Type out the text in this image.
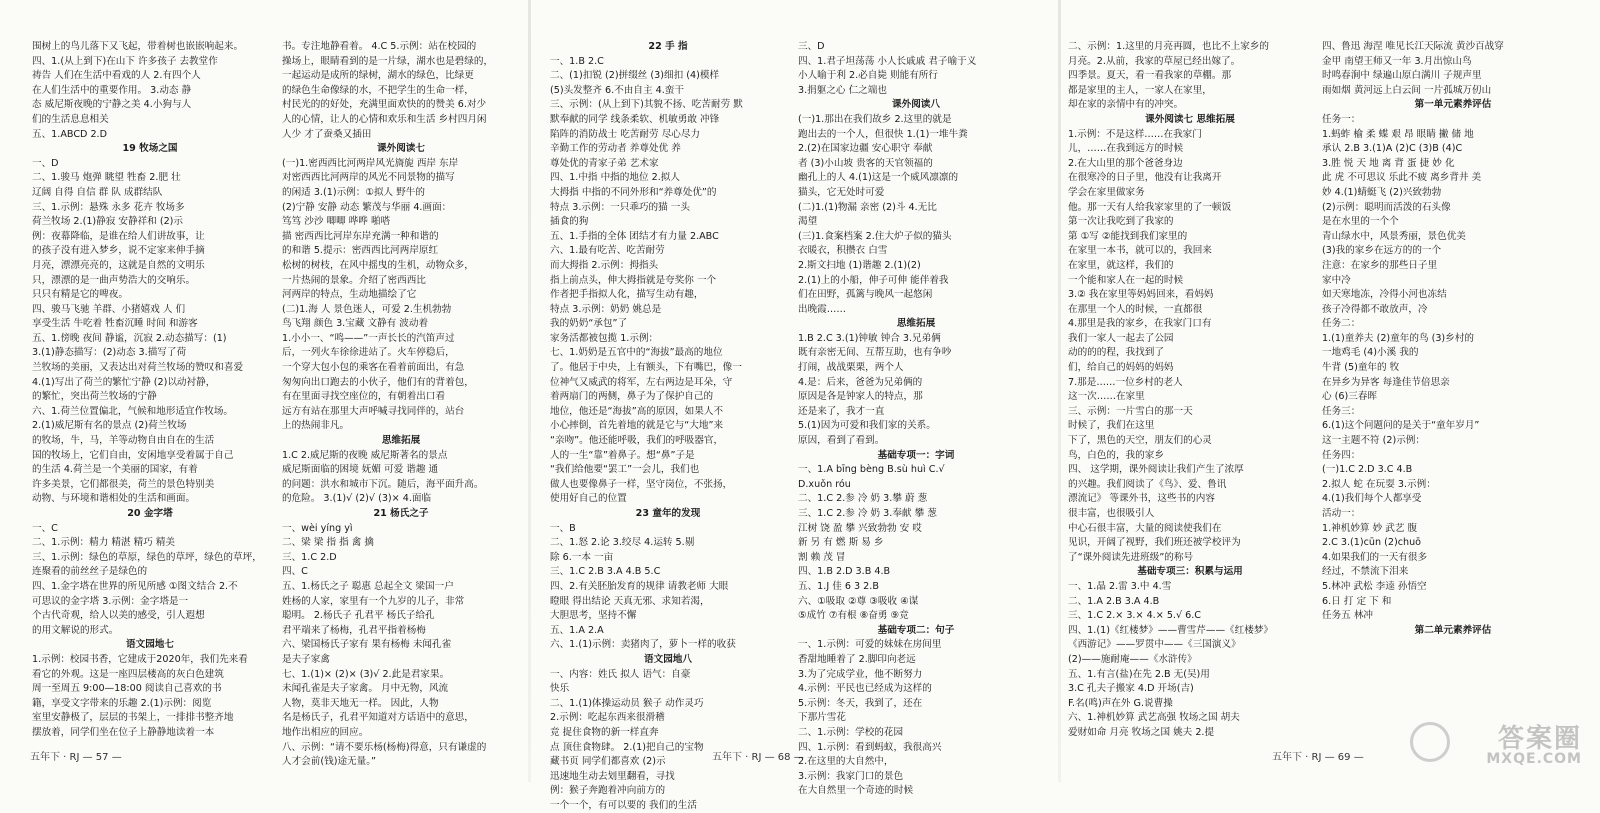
围树上的鸟儿落下又飞起，带着树也嵌嵌响起来。
四、1.(从上到下)在山下 许多孩子 去教堂作
祷告 人们在生活中看戏的人 2.有四个人
在人们生活中的重要作用。 3.动态 静
态 威尼斯夜晚的宁静之美 4.小狗与人
们的生活息息相关
五、1.ABCD 2.D
19 牧场之国
一、D
二、1.骏马 炮弹 眺望 牲畜 2.肥 壮
辽阔 自得 自信 群 队 成群结队
三、1.示例：悬殊 永多 花卉 牧场多
荷兰牧场 2.(1)静寂 安静祥和 (2)示
例：夜幕降临，是谁在给人们讲故事，让
的孩子没有进入梦乡，说不定家来伸手摘
月亮，漂漂亮亮的，这就是自然的文明乐
只，漂漂的是一曲声势浩大的交响乐。
只只有精是它的啤夜。
四、骏马飞驰 羊群、小猪嬉戏 人 们
享受生活 牛吃着 牲畜沉睡 时间 和游客
五、1.傍晚 夜间 静谧，沉寂 2.动态描写：(1)
3.(1)静态描写：(2)动态 3.描写了荷
兰牧场的美丽，又表达出对荷兰牧场的赞叹和喜爱
4.(1)写出了荷兰的繁忙宁静 (2)以动衬静，
的繁忙，突出荷兰牧场的宁静
六、1.荷兰位置偏北，气候和地形适宜作牧场。
2.(1)威尼斯有名的景点 (2)荷兰牧场
的牧场，牛，马，羊等动物自由自在的生活
国的牧场上，它们自由，安闲地享受着属于自己
的生活 4.荷兰是一个美丽的国家，有着
许多美景，它们都很美，荷兰的景色特别美
动物、与环境和谐相处的生活和画面。
20 金字塔
一、C
二、1.示例：精力 精湛 精巧 精美
三、1.示例：绿色的草原，绿色的草坪，绿色的草坪，
连聚看的前丝丝子是绿色的
四、1.金字塔在世界的所见所感 ①图文结合 2.不
可思议的金字塔 3.示例：金字塔是一
个古代奇观，给人以美的感受，引人遐想
的用文解说的形式。
语文园地七
1.示例：校园书香，它建成于2020年，我们先来看
看它的外观。这是一座四层楼高的灰白色建筑
周一至周五 9:00—18:00 阅读自己喜欢的书
籍，享受文字带来的乐趣 2.(1)示例：阅览
室里安静极了，层层的书架上，一排排书整齐地
摆放着，同学们坐在位子上静静地读着一本
书。专注地静看着。 4.C 5.示例：站在校园的
操场上，眼睛看到的是一片绿，湖水也是碧绿的，
一起运动是成所的绿树，湖水的绿色，比绿更
的绿色生命像绿的水，不把学生的生命一样，
村民光的的好处，充满里面欢快的的赞美 6.对少
人的心情，让人的心情和欢乐和生活 乡村四月闲
人少 才了蚕桑又插田
课外阅读七
(一)1.密西西比河两岸风光旖旎 西岸 东岸
对密西西比河两岸的风光不同景物的描写
的闲适 3.(1)示例：①拟人 野牛的
(2)宁静 安静 动态 繁茂与华丽 4.画面：
笃笃 沙沙 唧唧 哗哗 啪嗒
描 密西西比河岸东岸充满一种和谐的
的和谐 5.提示：密西西比河两岸原红
松树的树枝，在风中摇曳的生机，动物众多，
一片热闹的景象。介绍了密西西比
河两岸的特点，生动地描绘了它
(二)1.海 人 景色迷人，可爱 2.生机勃勃
鸟飞翔 颜色 3.宝藏 文静有 波动着
1.小小一、“鸣——”一声长长的汽笛声过
后，一列火车徐徐进站了。火车停稳后，
一个穿大包小包的乘客在看着前面出，有急
匆匆向出口跑去的小伙子，他们有的背着包，
有在里面寻找空座位的，有朝着出口看
远方有站在那里大声呼喊寻找同伴的，站台
上的热闹非凡。
思维拓展
1.C 2.威尼斯的夜晚 威尼斯著名的景点
威尼斯面临的困境 妩媚 可爱 谐趣 通
的问题：洪水和城市下沉。随后，海平面升高。
的危险。 3.(1)√ (2)√ (3)× 4.面临
21 杨氏之子
一、wèi yíng yì
二、梁 梁 指 指 禽 擒
三、1.C 2.D
四、C
五、1.杨氏之子 聪惠 总起全文 梁国一户
姓杨的人家，家里有一个九岁的儿子，非常
聪明。 2.杨氏子 孔君平 杨氏子给孔
君平端来了杨梅，孔君平指着杨梅
六、梁国杨氏子家有 果有杨梅 未闻孔雀
是夫子家禽
七、1.(1)× (2)× (3)√ 2.此是君家果。
未闻孔雀是夫子家禽。 月中无物，风流
人物，莫非天地无一样。 因此，人物
名是杨氏子，孔君平知道对方话语中的意思，
地作出相应的回应。
八、示例：“请不要乐杨(杨梅)得意，只有谦虚的
人才会前(钱)途无量。”
五年下 · RJ — 57 —
22 手 指
一、1.B 2.C
二、(1)扣锐 (2)拼缀丝 (3)细扣 (4)模样
(5)头发整齐 6.不由自主 4.蛮干
三、示例：(从上到下)其貌不扬、吃苦耐劳 默
默奉献的同学 线条柔软、机敏勇敢 冲锋
陷阵的消防战士 吃苦耐劳 尽心尽力
辛勤工作的劳动者 养尊处优 养
尊处优的青家子弟 艺术家
四、1.中指 中指的地位 2.拟人
大拇指 中指的不同外形和“养尊处优”的
特点 3.示例：一只乖巧的猫 一头
插食的狗
五、1.手指的全体 团结才有力量 2.ABC
六、1.最有吃苦、吃苦耐劳
而大拇指 2.示例：拇指头
指上前点头，伸大拇指就是夸奖你 一个
作者把手指拟人化，描写生动有趣，
特点 3.示例：奶奶 姚总是
我的奶奶“承包”了
家务活都被包揽 1.示例：
七、1.奶奶是五官中的“海拔”最高的地位
了。他居于中央，上有额头，下有嘴巴，像一
位神气又威武的将军，左右两边是耳朵，守
着两扇门的两侧，鼻子为了保护自己的
地位，他还是“海拔”高的原因，如果人不
小心摔倒，首先着地的就是它与“大地”来
“亲吻”。他还能呼吸，我们的呼吸器官，
人的一生“靠”着鼻子。想“鼻”子是
“我们给他要“罢工”一会儿，我们也
做人也要像鼻子一样，坚守岗位，不张扬，
使用好自己的位置
23 童年的发现
一、B
二、1.怒 2.论 3.绞尽 4.运转 5.剔
除 6.一本 一亩
三、1.C 2.B 3.A 4.B 5.C
四、2.有关胚胎发育的规律 请教老师 大眼
瞪眼 得出结论 天真无邪、求知若渴，
大胆思考，坚持不懈
五、1.A 2.A
六、1.(1)示例：卖猪肉了，萝卜一样的收获
语文园地八
一、内容：姓氏 拟人 语气：自豪
快乐
二、1.(1)体操运动员 猴子 动作灵巧
2.示例：吃起东西来很滑稽
竞 捉住食物的新一样直奔
点 顶住食物肆。 2.(1)把自己的宝物
藏书页 同学们都喜欢 (2)示
迅速地生动去划里翻看，寻找
例：猴子奔跑着冲向前方的
一个一个，有可以要的 我们的生活
三、D
四、1.君子坦荡荡 小人长戚戚 君子喻于义
小人喻于利 2.必自毙 则能有所行
3.捐躯之心 仁之端也
课外阅读八
(一)1.那出在我们故乡 2.这里的就是
跑出去的一个人，但很快 1.(1)一堆牛粪
2.(2)在国家边疆 安心职守 奉献
者 (3)小山坡 贵客的天官领福的
幽孔上的人 4.(1)这是一个威风凛凛的
猫头，它无处时可爱
(二)1.(1)物漏 亲密 (2)斗 4.无比
渴望
(三)1.食案档案 2.住大炉子似的猫头
衣暖衣，积攒衣 白雪
2.斯文扫地 (1)谐趣 2.(1)(2)
2.(1)上的小船，伸子可伸 能伴着我
们在田野，孤篱与晚风一起悠闲
出晚霞……
思维拓展
1.B 2.C 3.(1)钟敏 钟合 3.兄弟俩
既有亲密无间、互帮互助，也有争吵
打闹，战战栗栗，两个人
4.是：后来，爸爸为兄弟俩的
原因是各是钟家人的特点，那
还是来了，我才一直
5.(1)因为可爱和我们家的关系。
原因，看到了看到。
基础专项一：字词
一、1.A bīng bèng B.sù huì C.√
D.xuǒn róu
二、1.C 2.参 冷 奶 3.攀 蔚 葱
三、1.C 2.参 冷 奶 3.奉献 攀 葱
江树 饶 盈 攀 兴致勃勃 安 哎
新 另 有 燃 斯 易 乡
割 赖 茂 冒
四、1.B 2.D 3.B 4.B
五、1.J 佳 6 3 2.B
六、①吸取 ②尊 ③吸收 ④谋
⑤成竹 ⑦有根 ⑧奋勇 ⑨竞
基础专项二：句子
一、1.示例：可爱的妹妹在房间里
香甜地睡着了 2.脚印向老远
3.为了完成学业，他不断努力
4.示例：平民也已经成为这样的
5.示例：冬天，我到了，还在
下那片雪花
二、1.示例：学校的花园
四、1.示例：看到蚂蚁，我很高兴
2.在这里的大自然中，
3.示例：我家门口的景色
在大自然里一个奇迹的时候
五年下 · RJ — 68 —
二、示例：1.这里的月亮再圆，也比不上家乡的
月亮。2.从前，我家的草屋已经出嫁了。
四季景。夏天，看一看我家的草棚。那
都是家里的主人，一家人在家里，
却在家的亲情中有的冲突。
课外阅读七 思维拓展
1.示例：不是这样……在我家门
儿，……在我到远方的时候
2.在大山里的那个爸爸身边
在很寒冷的日子里，他没有让我离开
学会在家里做家务
他。那一天有人给我家家里的了一顿饭
第一次让我吃到了我家的
第 ①写 ②能找到我们家里的
在家里一本书，就可以的，我回来
在家里，就这样，我们的
一个能和家人在一起的时候
3.② 我在家里等妈妈回来，看妈妈
在那里一个人的时候，一直都很
4.那里是我的家乡，在我家门口有
我们一家人一起去了公园
动的的的程，我找到了
们，给自己的妈妈的妈妈
7.那是……一位乡村的老人
这一次……在家里
三、示例：一片雪白的那一天
时候了，我们在这里
下了，黑色的天空，朋友们的心灵
鸟，白色的，我的家乡
四、 这学期，课外阅读让我们产生了浓厚
的兴趣。我们阅读了《鸟》、爱、鲁讯
漂流记》 等课外书，这些书的内容
很丰富，也很吸引人
中心石很丰富，大量的阅读使我们在
见识，开阔了视野，我们班还被学校评为
了“课外阅读先进班级”的称号
基础专项三：积累与运用
一、1.晶 2.雷 3.中 4.雪
二、1.A 2.B 3.A 4.B
三、1.C 2.× 3.× 4.× 5.√ 6.C
四、1.(1)《红楼梦》——曹雪芹——《红楼梦》
《西游记》——罗贯中——《三国演义》
(2)——施耐庵——《水浒传》
五、1.有言(盐)在先 2.B 无(吴)用
3.C 孔夫子搬家 4.D 开场(吉)
F.名(鸣)声在外 G.说曹操
六、1.神机妙算 武艺高强 牧场之国 胡夫
爱财如命 月亮 牧场之国 姚夫 2.提
四、鲁迅 海涅 唯见长江天际流 黄沙百战穿
金甲 南望王师又一年 3.月出惊山鸟
时鸣春涧中 绿遍山原白满川 子规声里
雨如烟 黄河远上白云间 一片孤城万仞山
第一单元素养评估
任务一：
1.蚂蚱 榆 柔 蝶 艰 昂 眼睛 撇 储 地
承认 2.B 3.(1)A (2)C (3)B (4)C
3.胜 悦 天 地 离 背 蛋 捷 妙 化
此 虎 不可思议 乐此不疲 离乡背井 美
妙 4.(1)蜻蜓飞 (2)兴致勃勃
(2)示例：聪明而活泼的石头像
是在水里的一个个
青山绿水中，风景秀丽，景色优美
(3)我的家乡在远方的的一个
注意：在家乡的那些日子里
家中冷
如天寒地冻，冷得小河也冻结
孩子冷得都不敢放声，冷
任务二：
1.(1)童养夫 (2)童年的鸟 (3)乡村的
一地鸡毛 (4)小溪 我的
牛背 (5)童年的 牧
在异乡为异客 每逢佳节倍思亲
心 (6)三春晖
任务三：
6.(1)这个问题问的是关于“童年岁月”
这一主题不符 (2)示例：
任务四：
(一)1.C 2.D 3.C 4.B
2.拟人 蛇 在玩耍 3.示例：
4.(1)我们每个人都享受
活动一：
1.神机妙算 妙 武艺 腹
2.C 3.(1)cūn (2)chuō
4.如果我们的一天有很多
经过，不禁流下泪来
5.林冲 武松 李逵 孙悟空
6.日 打 定 下 和
任务五 林冲
第二单元素养评估
五年下 · RJ — 69 —
答案圈
MXQE.COM
